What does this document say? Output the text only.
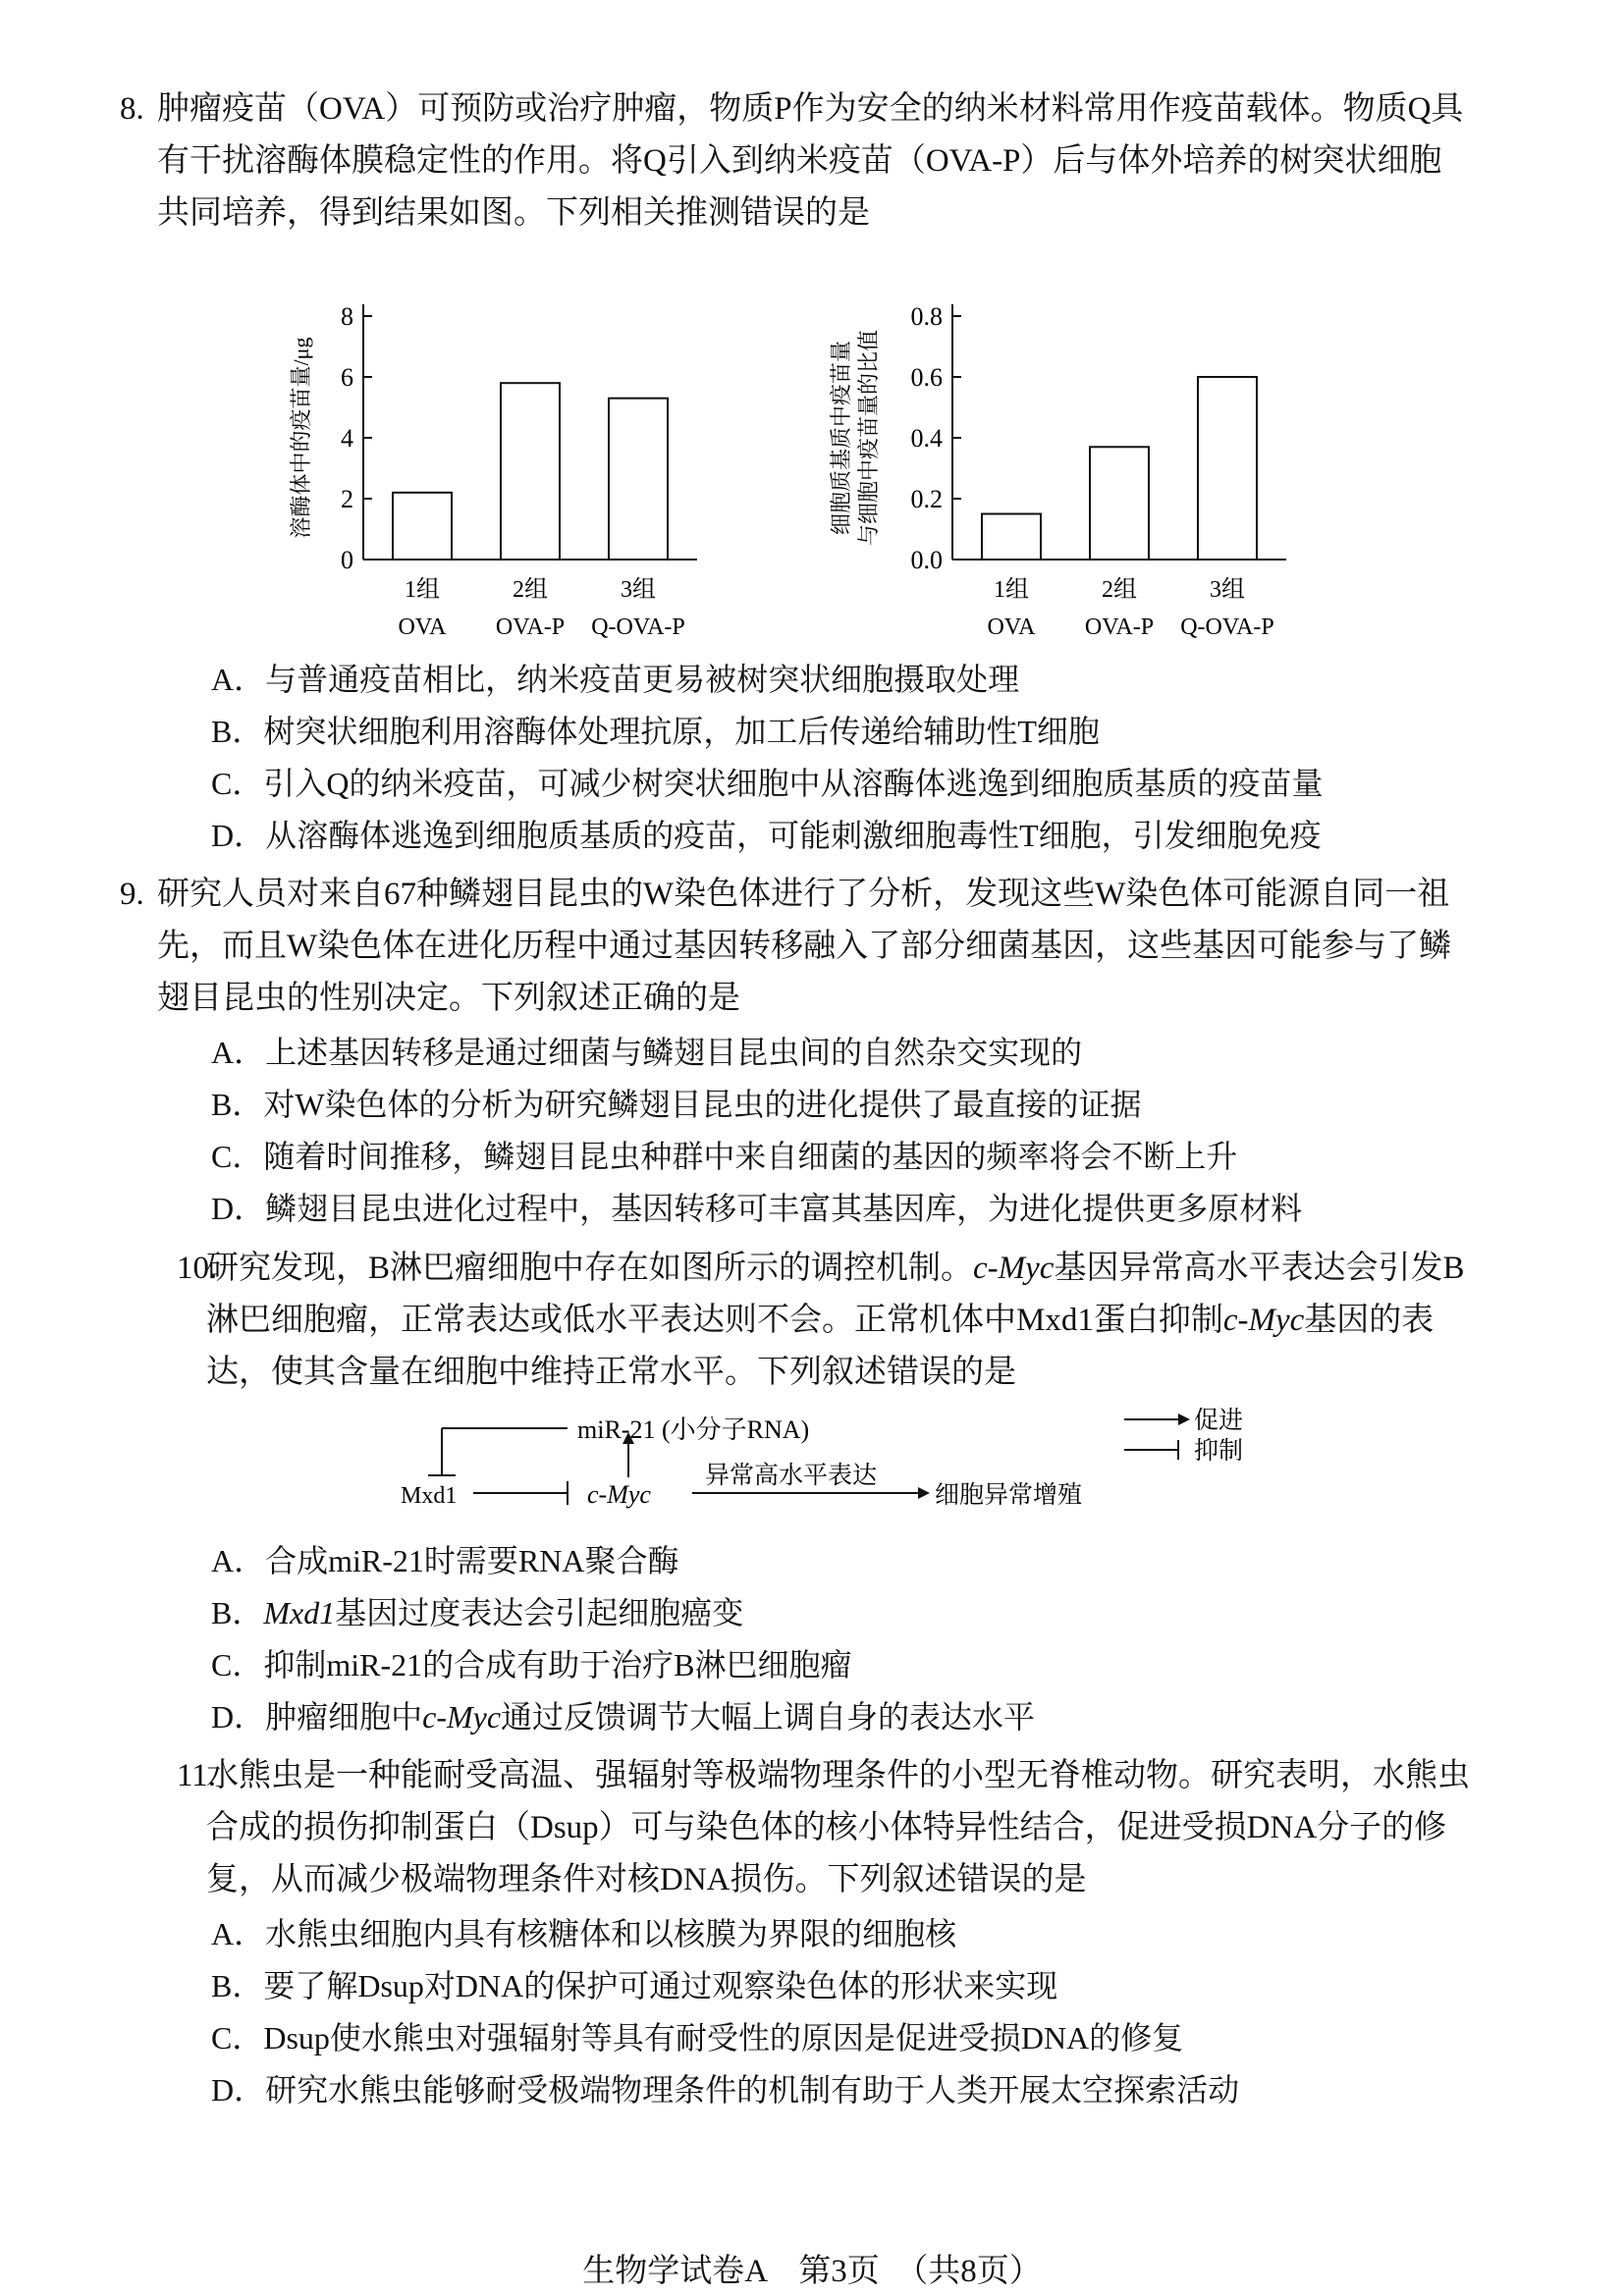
8. 肿瘤疫苗（OVA）可预防或治疗肿瘤，物质P作为安全的纳米材料常用作疫苗载体。物质Q具有干扰溶酶体膜稳定性的作用。将Q引入到纳米疫苗（OVA-P）后与体外培养的树突状细胞共同培养，得到结果如图。下列相关推测错误的是

0
2
4
6
8
1组
OVA
2组
OVA-P
3组
Q-OVA-P
溶酶体中的疫苗量/μg
0.0
0.2
0.4
0.6
0.8
1组
OVA
2组
OVA-P
3组
Q-OVA-P
细胞质基质中疫苗量 与细胞中疫苗量的比值
A．与普通疫苗相比，纳米疫苗更易被树突状细胞摄取处理
B．树突状细胞利用溶酶体处理抗原，加工后传递给辅助性T细胞
C．引入Q的纳米疫苗，可减少树突状细胞中从溶酶体逃逸到细胞质基质的疫苗量
D．从溶酶体逃逸到细胞质基质的疫苗，可能刺激细胞毒性T细胞，引发细胞免疫
9. 研究人员对来自67种鳞翅目昆虫的W染色体进行了分析，发现这些W染色体可能源自同一祖先，而且W染色体在进化历程中通过基因转移融入了部分细菌基因，这些基因可能参与了鳞翅目昆虫的性别决定。下列叙述正确的是

A．上述基因转移是通过细菌与鳞翅目昆虫间的自然杂交实现的
B．对W染色体的分析为研究鳞翅目昆虫的进化提供了最直接的证据
C．随着时间推移，鳞翅目昆虫种群中来自细菌的基因的频率将会不断上升
D．鳞翅目昆虫进化过程中，基因转移可丰富其基因库，为进化提供更多原材料
10.

研究发现，B淋巴瘤细胞中存在如图所示的调控机制。c-Myc基因异常高水平表达会引发B淋巴细胞瘤，正常表达或低水平表达则不会。正常机体中Mxd1蛋白抑制c-Myc基因的表达，使其含量在细胞中维持正常水平。下列叙述错误的是

miR-21 (小分子RNA)
Mxd1	c-Myc
异常高水平表达
细胞异常增殖
促进
抑制
A．合成miR-21时需要RNA聚合酶
B．Mxd1基因过度表达会引起细胞癌变
C．抑制miR-21的合成有助于治疗B淋巴细胞瘤
D．肿瘤细胞中c-Myc通过反馈调节大幅上调自身的表达水平
11.

水熊虫是一种能耐受高温、强辐射等极端物理条件的小型无脊椎动物。研究表明，水熊虫合成的损伤抑制蛋白（Dsup）可与染色体的核小体特异性结合，促进受损DNA分子的修复，从而减少极端物理条件对核DNA损伤。下列叙述错误的是

A．水熊虫细胞内具有核糖体和以核膜为界限的细胞核
B．要了解Dsup对DNA的保护可通过观察染色体的形状来实现
C．Dsup使水熊虫对强辐射等具有耐受性的原因是促进受损DNA的修复
D．研究水熊虫能够耐受极端物理条件的机制有助于人类开展太空探索活动
生物学试卷A　第3页　（共8页）
